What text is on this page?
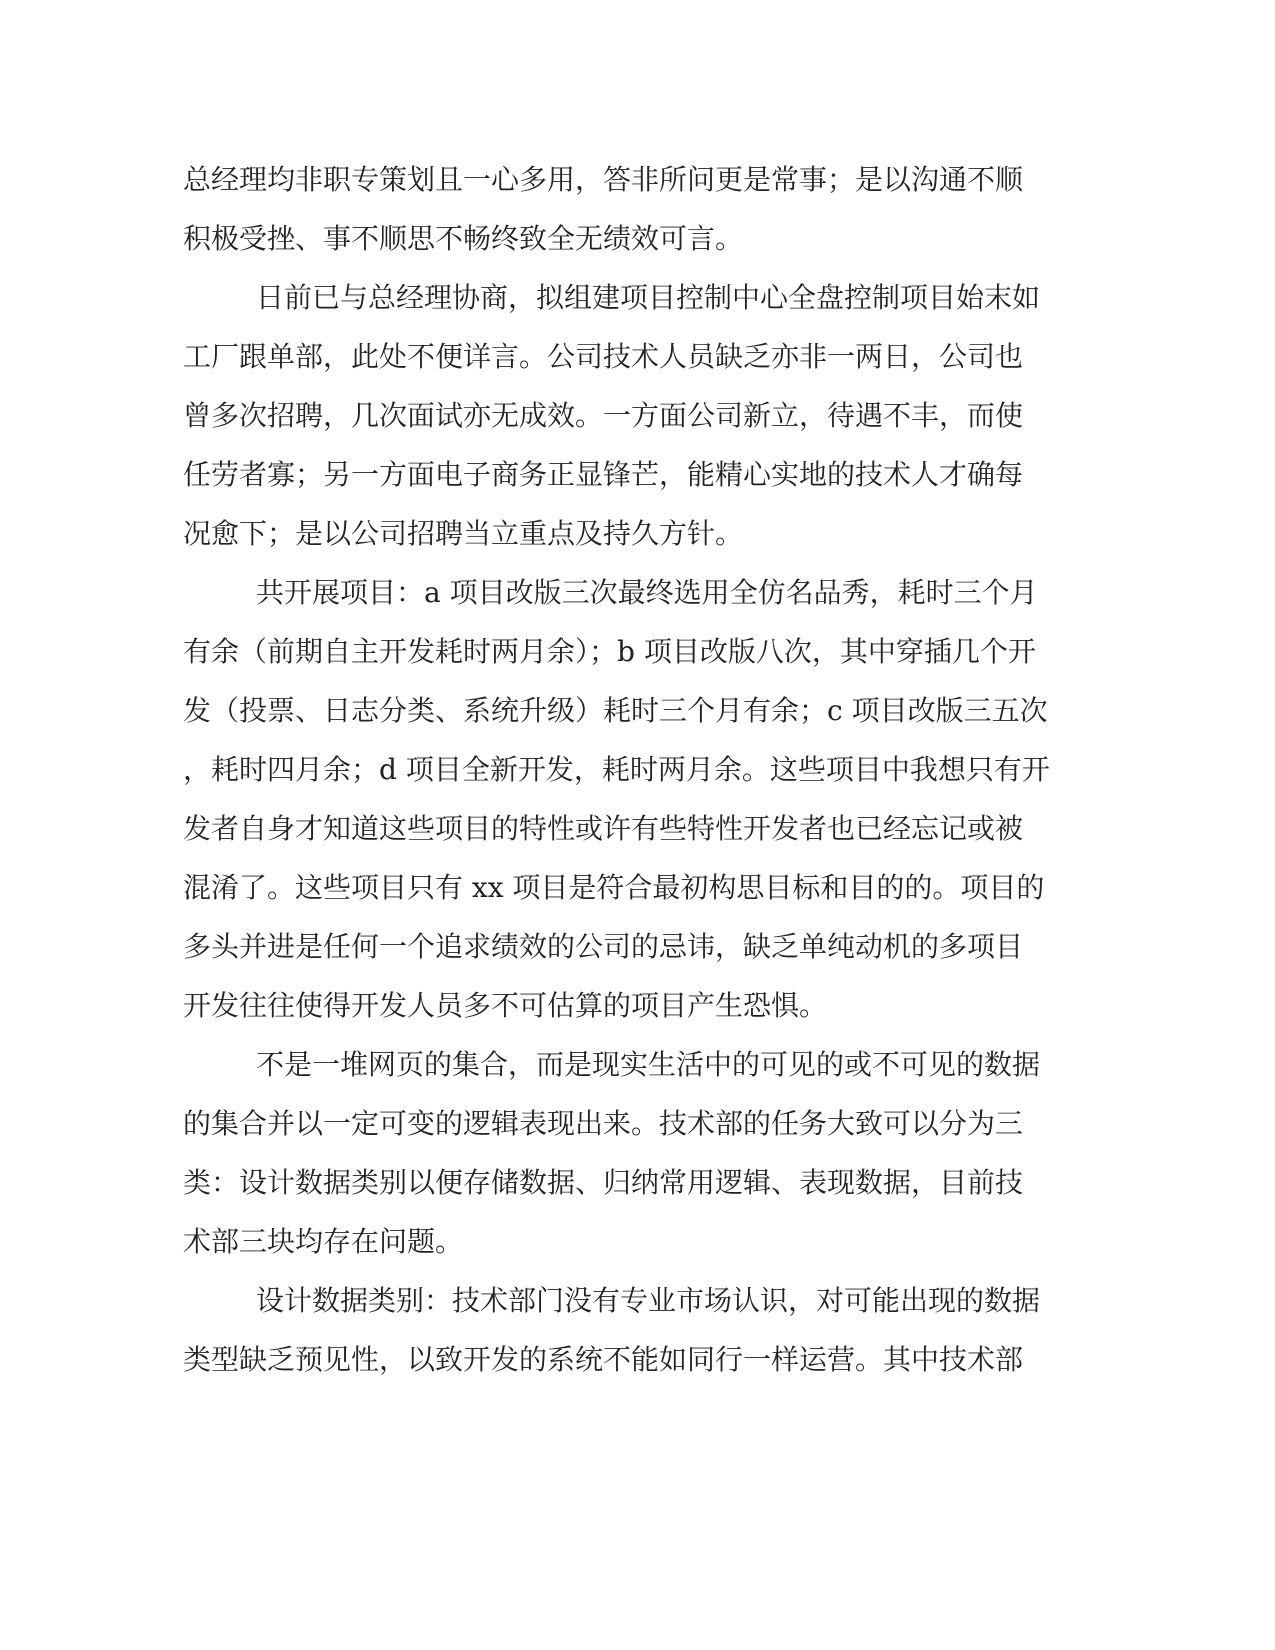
总经理均非职专策划且一心多用，答非所问更是常事；是以沟通不顺
积极受挫、事不顺思不畅终致全无绩效可言。
日前已与总经理协商，拟组建项目控制中心全盘控制项目始末如
工厂跟单部，此处不便详言。公司技术人员缺乏亦非一两日，公司也
曾多次招聘，几次面试亦无成效。一方面公司新立，待遇不丰，而使
任劳者寡；另一方面电子商务正显锋芒，能精心实地的技术人才确每
况愈下；是以公司招聘当立重点及持久方针。
共开展项目：a 项目改版三次最终选用全仿名品秀，耗时三个月
有余（前期自主开发耗时两月余）；b 项目改版八次，其中穿插几个开
发（投票、日志分类、系统升级）耗时三个月有余；c 项目改版三五次
，耗时四月余；d 项目全新开发，耗时两月余。这些项目中我想只有开
发者自身才知道这些项目的特性或许有些特性开发者也已经忘记或被
混淆了。这些项目只有 xx 项目是符合最初构思目标和目的的。项目的
多头并进是任何一个追求绩效的公司的忌讳，缺乏单纯动机的多项目
开发往往使得开发人员多不可估算的项目产生恐惧。
不是一堆网页的集合，而是现实生活中的可见的或不可见的数据
的集合并以一定可变的逻辑表现出来。技术部的任务大致可以分为三
类：设计数据类别以便存储数据、归纳常用逻辑、表现数据，目前技
术部三块均存在问题。
设计数据类别：技术部门没有专业市场认识，对可能出现的数据
类型缺乏预见性，以致开发的系统不能如同行一样运营。其中技术部
